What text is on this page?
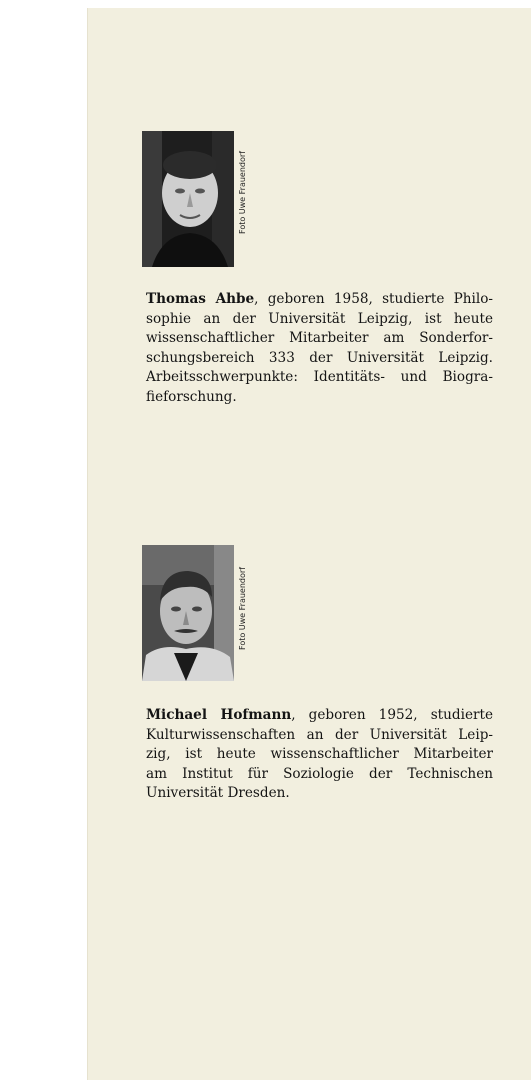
Foto Uwe Frauendorf

Thomas Ahbe, geboren 1958, studierte Philo-
sophie an der Universität Leipzig, ist heute
wissenschaftlicher Mitarbeiter am Sonderfor-
schungsbereich 333 der Universität Leipzig.
Arbeitsschwerpunkte: Identitäts- und Biogra-
fieforschung.

Foto Uwe Frauendorf

Michael Hofmann, geboren 1952, studierte
Kulturwissenschaften an der Universität Leip-
zig, ist heute wissenschaftlicher Mitarbeiter
am Institut für Soziologie der Technischen
Universität Dresden.
